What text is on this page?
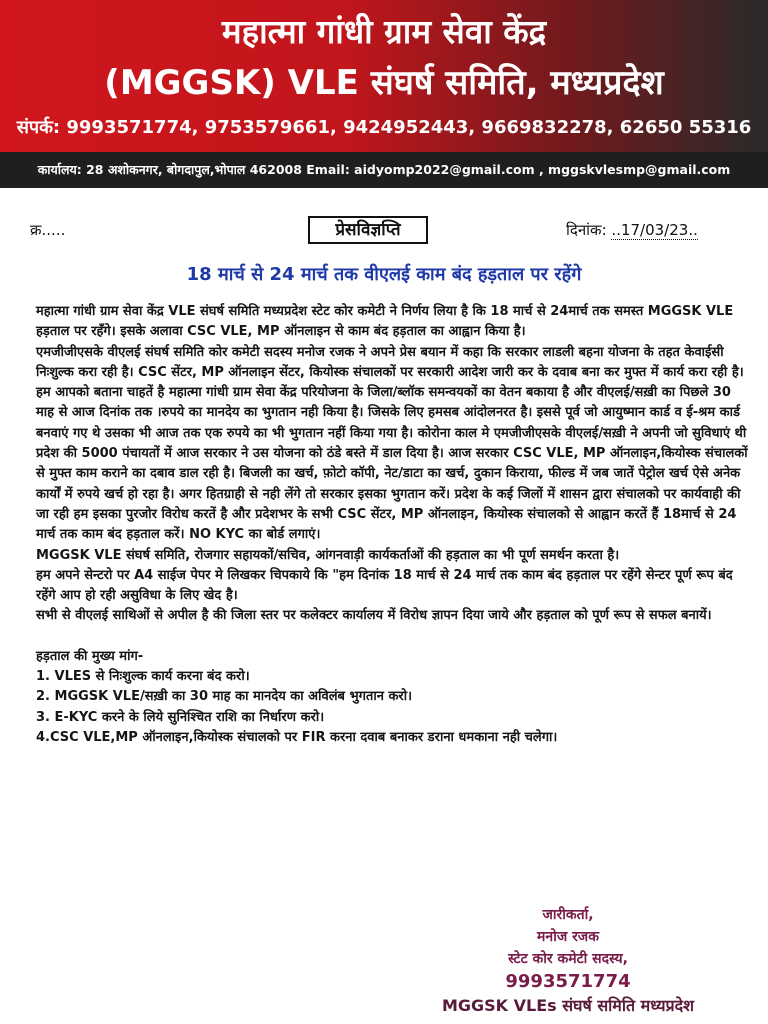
महात्मा गांधी ग्राम सेवा केंद्र
(MGGSK) VLE संघर्ष समिति, मध्यप्रदेश
संपर्क: 9993571774, 9753579661, 9424952443, 9669832278, 62650 55316
कार्यालय: 28 अशोकनगर, बोगदापुल,भोपाल 462008 Email: aidyomp2022@gmail.com , mggskvlesmp@gmail.com
क्र.....	प्रेसविज्ञप्ति	दिनांक: ..17/03/23..
18 मार्च से 24 मार्च तक वीएलई काम बंद हड़ताल पर रहेंगे

महात्मा गांधी ग्राम सेवा केंद्र VLE संघर्ष समिति मध्यप्रदेश स्टेट कोर कमेटी ने निर्णय लिया है कि 18 मार्च से 24मार्च तक समस्त MGGSK VLE हड़ताल पर रहँगे। इसके अलावा CSC VLE, MP ऑनलाइन से काम बंद हड़ताल का आह्वान किया है।

एमजीजीएसके वीएलई संघर्ष समिति कोर कमेटी सदस्य मनोज रजक ने अपने प्रेस बयान में कहा कि सरकार लाडली बहना योजना के तहत केवाईसी निःशुल्क करा रही है। CSC सेंटर, MP ऑनलाइन सेंटर, कियोस्क संचालकों पर सरकारी आदेश जारी कर के दवाब बना कर मुफ्त में कार्य करा रही है। हम आपको बताना चाहतें है महात्मा गांधी ग्राम सेवा केंद्र परियोजना के जिला/ब्लॉक समन्वयकों का वेतन बकाया है और वीएलई/सख़ी का पिछले 30 माह से आज दिनांक तक ।रुपये का मानदेय का भुगतान नही किया है। जिसके लिए हमसब आंदोलनरत है। इससे पूर्व जो आयुष्मान कार्ड व ई-श्रम कार्ड बनवाएं गए थे उसका भी आज तक एक रुपये का भी भुगतान नहीं किया गया है। कोरोना काल मे एमजीजीएसके वीएलई/सख़ी ने अपनी जो सुविधाएं थी प्रदेश की 5000 पंचायतों में आज सरकार ने उस योजना को ठंडे बस्ते में डाल दिया है। आज सरकार CSC VLE, MP ऑनलाइन,कियोस्क संचालकों से मुफ्त काम कराने का दबाव डाल रही है। बिजली का खर्च, फ़ोटो कॉपी, नेट/डाटा का खर्च, दुकान किराया, फील्ड में जब जातें पेट्रोल खर्च ऐसे अनेक कार्यों में रुपये खर्च हो रहा है। अगर हितग्राही से नही लेंगे तो सरकार इसका भुगतान करें। प्रदेश के कई जिलों में शासन द्वारा संचालको पर कार्यवाही की जा रही हम इसका पुरजोर विरोध करतें है और प्रदेशभर के सभी CSC सेंटर, MP ऑनलाइन, कियोस्क संचालको से आह्वान करतें हैं 18मार्च से 24 मार्च तक काम बंद हड़ताल करें। NO KYC का बोर्ड लगाएं।

MGGSK VLE संघर्ष समिति, रोजगार सहायकों/सचिव, आंगनवाड़ी कार्यकर्ताओं की हड़ताल का भी पूर्ण समर्थन करता है।

हम अपने सेन्टरो पर A4 साईज पेपर मे लिखकर चिपकाये कि "हम दिनांक 18 मार्च से 24 मार्च तक काम बंद हड़ताल पर रहेंगे सेन्टर पूर्ण रूप बंद रहेंगे आप हो रही असुविधा के लिए खेद है।

सभी से वीएलई साथिओं से अपील है की जिला स्तर पर कलेक्टर कार्यालय में विरोध ज्ञापन दिया जाये और हड़ताल को पूर्ण रूप से सफल बनायें।

हड़ताल की मुख्य मांग-

1. VLES से निःशुल्क कार्य करना बंद करो।

2. MGGSK VLE/सख़ी का 30 माह का मानदेय का अविलंब भुगतान करो।

3. E-KYC करने के लिये सुनिश्चित राशि का निर्धारण करो।

4.CSC VLE,MP ऑनलाइन,कियोस्क संचालको पर FIR करना दवाब बनाकर डराना धमकाना नही चलेगा।

जारीकर्ता,
मनोज रजक
स्टेट कोर कमेटी सदस्य,
9993571774
MGGSK VLEs संघर्ष समिति मध्यप्रदेश
